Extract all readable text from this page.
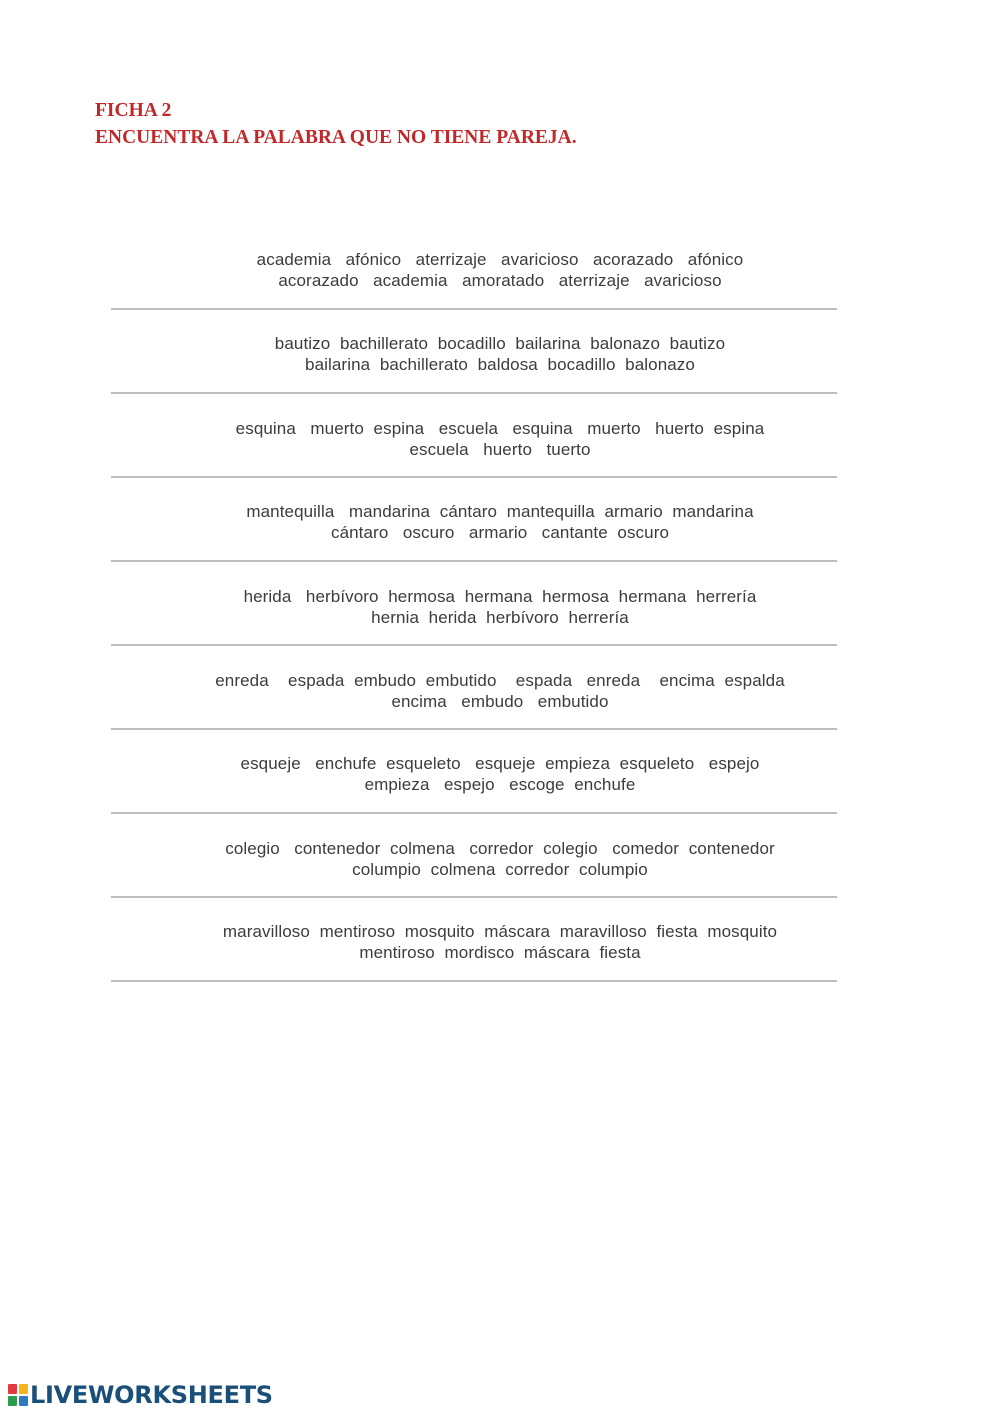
FICHA 2
ENCUENTRA LA PALABRA QUE NO TIENE PAREJA.
academia   afónico   aterrizaje   avaricioso   acorazado   afónico
acorazado   academia   amoratado   aterrizaje   avaricioso
bautizo  bachillerato  bocadillo  bailarina  balonazo  bautizo
bailarina  bachillerato  baldosa  bocadillo  balonazo
esquina   muerto  espina   escuela   esquina   muerto   huerto  espina
escuela   huerto   tuerto
mantequilla   mandarina  cántaro  mantequilla  armario  mandarina
cántaro   oscuro   armario   cantante  oscuro
herida   herbívoro  hermosa  hermana  hermosa  hermana  herrería
hernia  herida  herbívoro  herrería
enreda    espada  embudo  embutido    espada   enreda    encima  espalda
encima   embudo   embutido
esqueje   enchufe  esqueleto   esqueje  empieza  esqueleto   espejo
empieza   espejo   escoge  enchufe
colegio   contenedor  colmena   corredor  colegio   comedor  contenedor
columpio  colmena  corredor  columpio
maravilloso  mentiroso  mosquito  máscara  maravilloso  fiesta  mosquito
mentiroso  mordisco  máscara  fiesta
LIVEWORKSHEETS
